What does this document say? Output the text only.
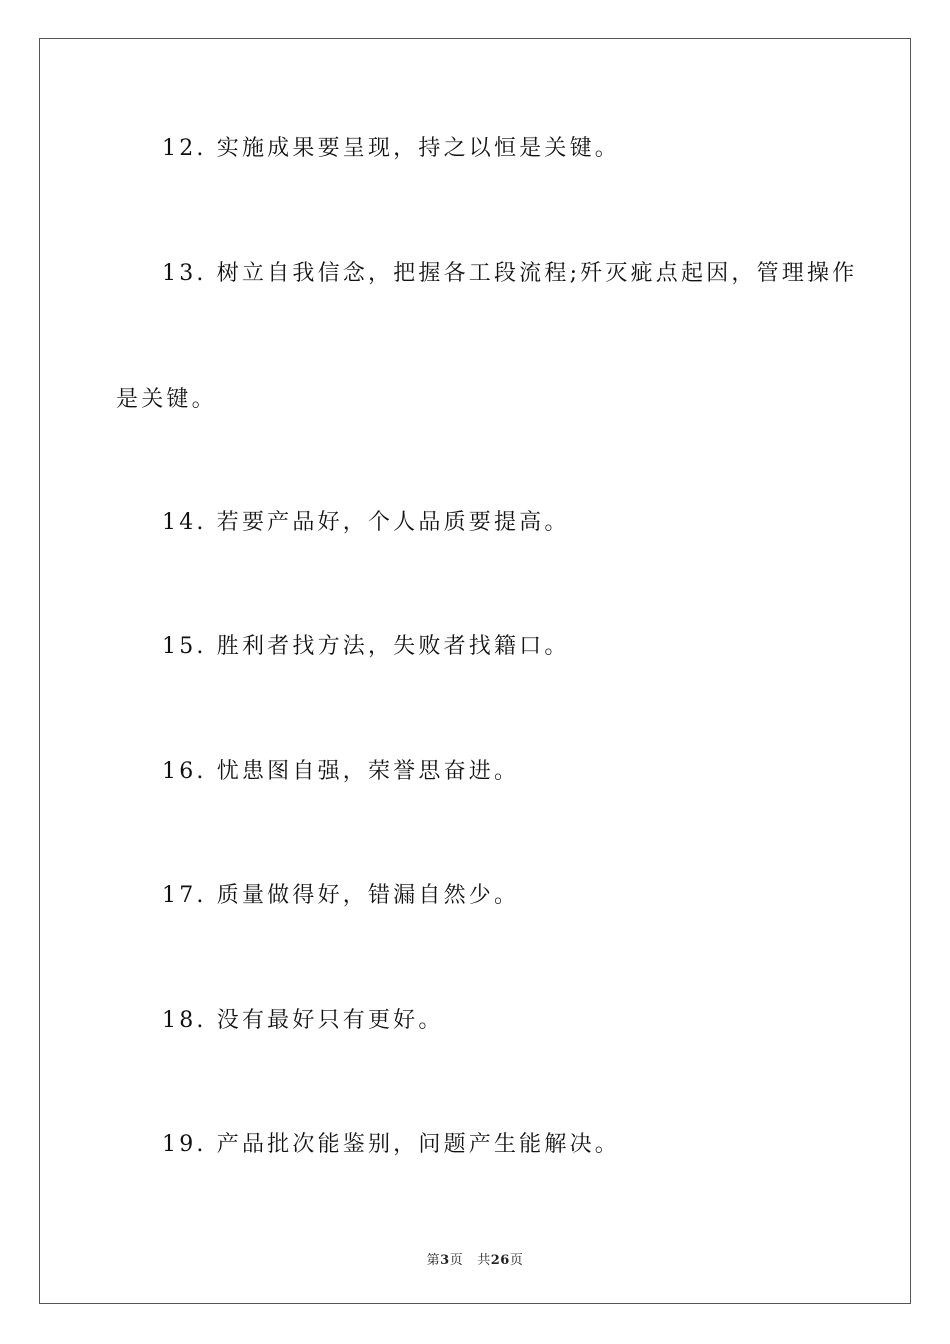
12. 实施成果要呈现，持之以恒是关键。
13. 树立自我信念，把握各工段流程;歼灭疵点起因，管理操作
是关键。
14. 若要产品好，个人品质要提高。
15. 胜利者找方法，失败者找籍口。
16. 忧患图自强，荣誉思奋进。
17. 质量做得好，错漏自然少。
18. 没有最好只有更好。
19. 产品批次能鉴别，问题产生能解决。
第3页 共26页
